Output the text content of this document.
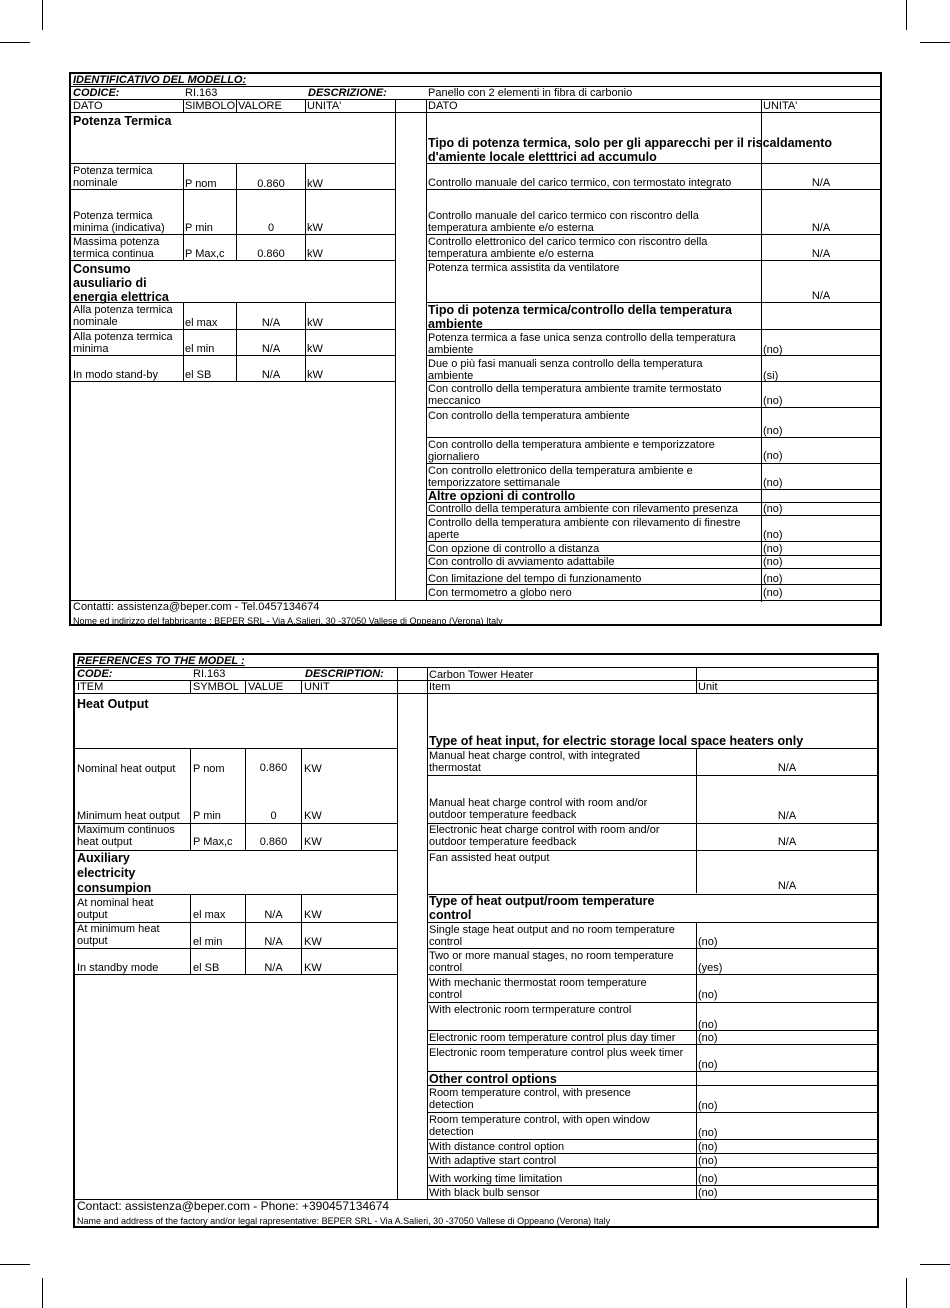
IDENTIFICATIVO DEL MODELLO:
CODICE:	RI.163	DESCRIZIONE:	Panello con 2 elementi in fibra di carbonio
DATO	SIMBOLO VALORE UNITA'	DATO	UNITA'
Potenza Termica
Potenza termica nominale	P nom	0.860	kW
Potenza termica minima (indicativa)	P min	0	kW
Massima potenza termica continua	P Max,c	0.860	kW
Consumo ausuliario di energia elettrica
Alla potenza termica nominale	el max	N/A	kW
Alla potenza termica minima	el min	N/A	kW
In modo stand-by el SB	N/A	kW
Tipo di potenza termica, solo per gli apparecchi per il riscaldamento d'amiente locale eletttrici ad accumulo
Controllo manuale del carico termico, con termostato integrato	N/A
Controllo manuale del carico termico con riscontro della temperatura ambiente e/o esterna	N/A
Controllo elettronico del carico termico con riscontro della temperatura ambiente e/o esterna	N/A
Potenza termica assistita da ventilatore
N/A
Tipo di potenza termica/controllo della temperatura ambiente
Potenza termica a fase unica senza controllo della temperatura ambiente	(no)
Due o più fasi manuali senza controllo della temperatura ambiente	(si)
Con controllo della temperatura ambiente tramite termostato meccanico	(no)
Con controllo della temperatura ambiente
(no)
Con controllo della temperatura ambiente e temporizzatore giornaliero	(no)
Con controllo elettronico della temperatura ambiente e temporizzatore settimanale	(no)
Altre opzioni di controllo
Controllo della temperatura ambiente con rilevamento presenza (no)
Controllo della temperatura ambiente con rilevamento di finestre aperte	(no)
Con opzione di controllo a distanza	(no)
Con controllo di avviamento adattabile	(no)
Con limitazione del tempo di funzionamento	(no)
Con termometro a globo nero	(no)
Contatti: assistenza@beper.com - Tel.0457134674
Nome ed indirizzo del fabbricante : BEPER SRL - Via A.Salieri, 30 -37050 Vallese di Oppeano (Verona) Italy
REFERENCES TO THE MODEL :
CODE:	RI.163	DESCRIPTION:	Carbon Tower Heater
ITEM	SYMBOL VALUE UNIT	Item	Unit
Heat Output
Nominal heat output P nom	0.860	KW
Minimum heat output P min	0	KW
Maximum continuos heat output	P Max,c	0.860	KW
Auxiliary electricity consumpion
At nominal heat output	el max	N/A	KW
At minimum heat output	el min	N/A	KW
In standby mode	el SB	N/A	KW
Type of heat input, for electric storage local space heaters only
Manual heat charge control, with integrated thermostat	N/A
Manual heat charge control with room and/or outdoor temperature feedback	N/A
Electronic heat charge control with room and/or outdoor temperature feedback	N/A
Fan assisted heat output
N/A
Type of heat output/room temperature control
Single stage heat output and no room temperature control	(no)
Two or more manual stages, no room temperature control	(yes)
With mechanic thermostat room temperature control	(no)
With electronic room termperature control
(no)
Electronic room temperature control plus day timer (no)
Electronic room temperature control plus week timer
(no)
Other control options
Room temperature control, with presence detection	(no)
Room temperature control, with open window detection	(no)
With distance control option	(no)
With adaptive start control	(no)
With working time limitation	(no)
With black bulb sensor	(no)
Contact: assistenza@beper.com - Phone: +390457134674
Name and address of the factory and/or legal rapresentative: BEPER SRL - Via A.Salieri, 30 -37050 Vallese di Oppeano (Verona) Italy
